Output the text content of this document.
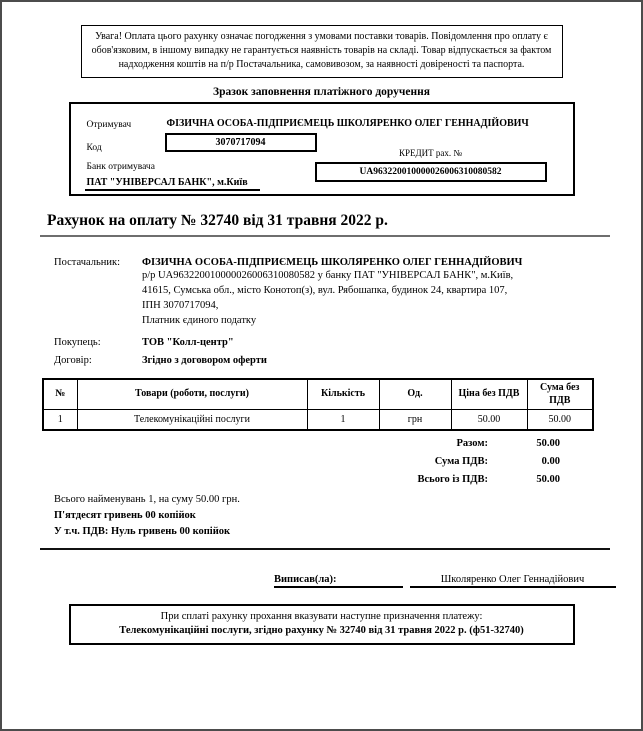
Увага! Оплата цього рахунку означає погодження з умовами поставки товарів. Повідомлення про оплату є обов'язковим, в іншому випадку не гарантується наявність товарів на складі. Товар відпускається за фактом надходження коштів на п/р Постачальника, самовивозом, за наявності довіреності та паспорта.
Зразок заповнення платіжного доручення
Отримувач	ФІЗИЧНА ОСОБА-ПІДПРИЄМЕЦЬ ШКОЛЯРЕНКО ОЛЕГ ГЕННАДІЙОВИЧ
Код	3070717094
КРЕДИТ рах. №
UA963220010000026006310080582
Банк отримувача
ПАТ "УНІВЕРСАЛ БАНК", м.Київ
Рахунок на оплату № 32740 від 31 травня 2022 р.
Постачальник:	ФІЗИЧНА ОСОБА-ПІДПРИЄМЕЦЬ ШКОЛЯРЕНКО ОЛЕГ ГЕННАДІЙОВИЧ
р/р UA963220010000026006310080582 у банку ПАТ "УНІВЕРСАЛ БАНК", м.Київ,
41615, Сумська обл., місто Конотоп(з), вул. Рябошапка, будинок 24, квартира 107,
ІПН 3070717094,
Платник єдиного податку
Покупець:	ТОВ "Колл-центр"
Договір:	Згідно з договором оферти
№	Товари (роботи, послуги)	Кількість	Од.	Ціна без ПДВ	Сума без ПДВ
1	Телекомунікаційні послуги	1	грн	50.00	50.00
Разом:	50.00
Сума ПДВ:	0.00
Всього із ПДВ:	50.00
Всього найменувань 1, на суму 50.00 грн.
П'ятдесят гривень 00 копійок
У т.ч. ПДВ: Нуль гривень 00 копійок
Виписав(ла):	Школяренко Олег Геннадійович
При сплаті рахунку прохання вказувати наступне призначення платежу:
Телекомунікаційні послуги, згідно рахунку № 32740 від 31 травня 2022 р. (ф51-32740)
